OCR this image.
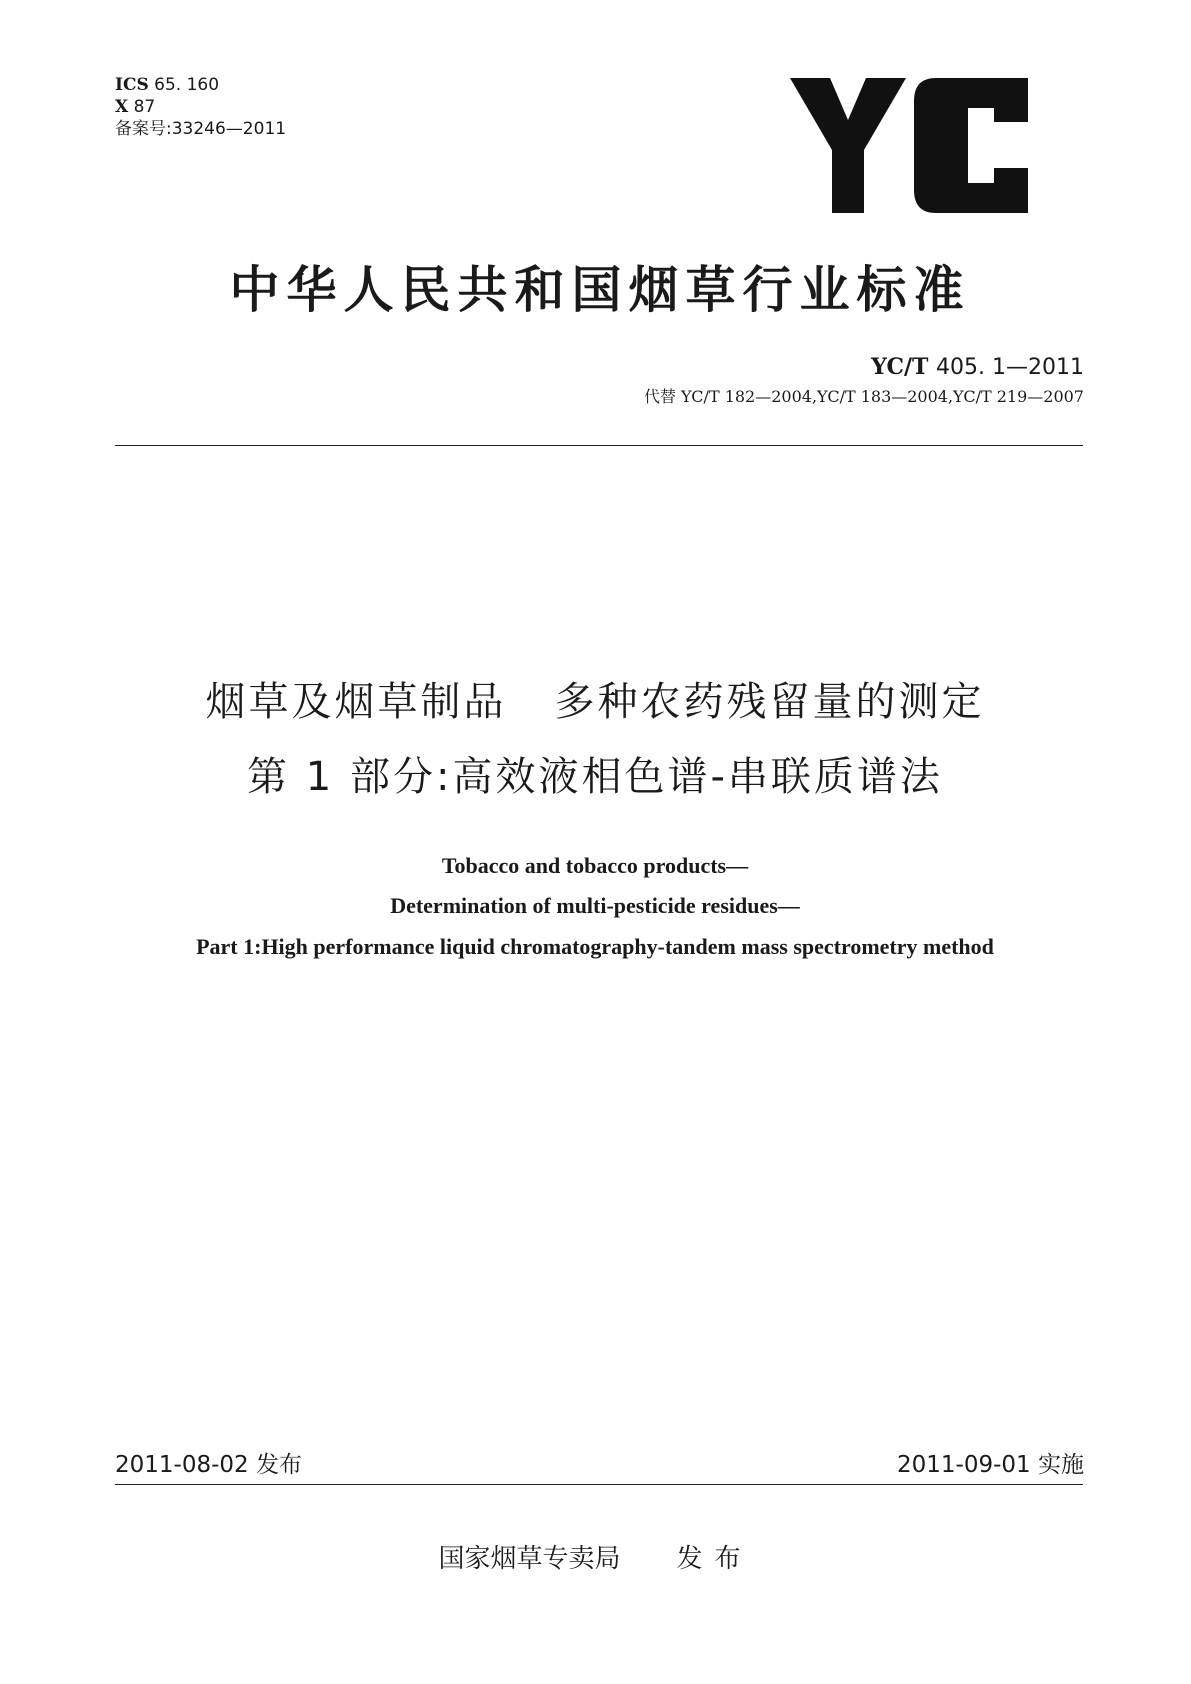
ICS 65. 160
X 87
备案号:33246—2011
中华人民共和国烟草行业标准
YC/T 405. 1—2011
代替 YC/T 182—2004,YC/T 183—2004,YC/T 219—2007
烟草及烟草制品 多种农药残留量的测定
第 1 部分:高效液相色谱-串联质谱法
Tobacco and tobacco products—
Determination of multi-pesticide residues—
Part 1:High performance liquid chromatography-tandem mass spectrometry method
2011-08-02 发布	2011-09-01 实施
国家烟草专卖局 发布
